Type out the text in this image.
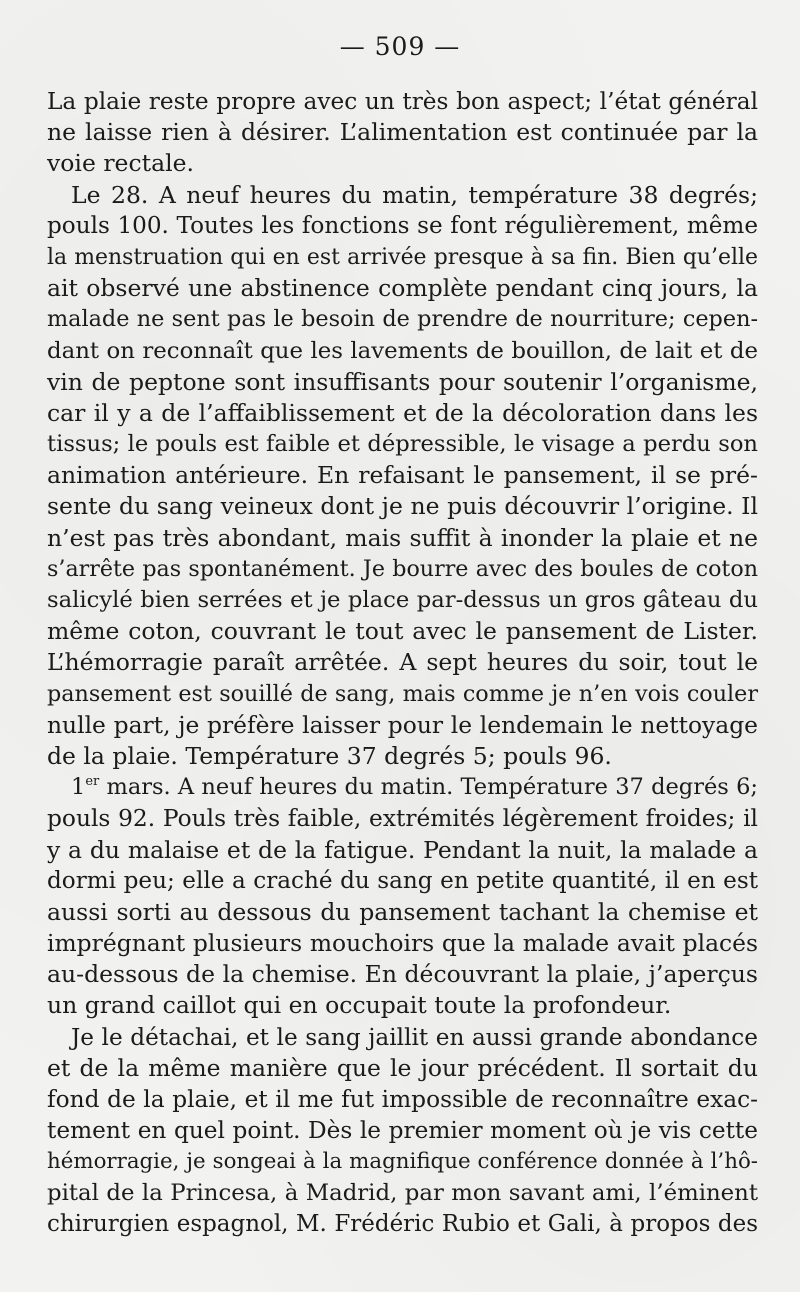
— 509 —
La plaie reste propre avec un très bon aspect; l’état général
ne laisse rien à désirer. L’alimentation est continuée par la
voie rectale.
Le 28. A neuf heures du matin, température 38 degrés;
pouls 100. Toutes les fonctions se font régulièrement, même
la menstruation qui en est arrivée presque à sa fin. Bien qu’elle
ait observé une abstinence complète pendant cinq jours, la
malade ne sent pas le besoin de prendre de nourriture; cepen-
dant on reconnaît que les lavements de bouillon, de lait et de
vin de peptone sont insuffisants pour soutenir l’organisme,
car il y a de l’affaiblissement et de la décoloration dans les
tissus; le pouls est faible et dépressible, le visage a perdu son
animation antérieure. En refaisant le pansement, il se pré-
sente du sang veineux dont je ne puis découvrir l’origine. Il
n’est pas très abondant, mais suffit à inonder la plaie et ne
s’arrête pas spontanément. Je bourre avec des boules de coton
salicylé bien serrées et je place par-dessus un gros gâteau du
même coton, couvrant le tout avec le pansement de Lister.
L’hémorragie paraît arrêtée. A sept heures du soir, tout le
pansement est souillé de sang, mais comme je n’en vois couler
nulle part, je préfère laisser pour le lendemain le nettoyage
de la plaie. Température 37 degrés 5; pouls 96.
1er mars. A neuf heures du matin. Température 37 degrés 6;
pouls 92. Pouls très faible, extrémités légèrement froides; il
y a du malaise et de la fatigue. Pendant la nuit, la malade a
dormi peu; elle a craché du sang en petite quantité, il en est
aussi sorti au dessous du pansement tachant la chemise et
imprégnant plusieurs mouchoirs que la malade avait placés
au-dessous de la chemise. En découvrant la plaie, j’aperçus
un grand caillot qui en occupait toute la profondeur.
Je le détachai, et le sang jaillit en aussi grande abondance
et de la même manière que le jour précédent. Il sortait du
fond de la plaie, et il me fut impossible de reconnaître exac-
tement en quel point. Dès le premier moment où je vis cette
hémorragie, je songeai à la magnifique conférence donnée à l’hô-
pital de la Princesa, à Madrid, par mon savant ami, l’éminent
chirurgien espagnol, M. Frédéric Rubio et Gali, à propos des
